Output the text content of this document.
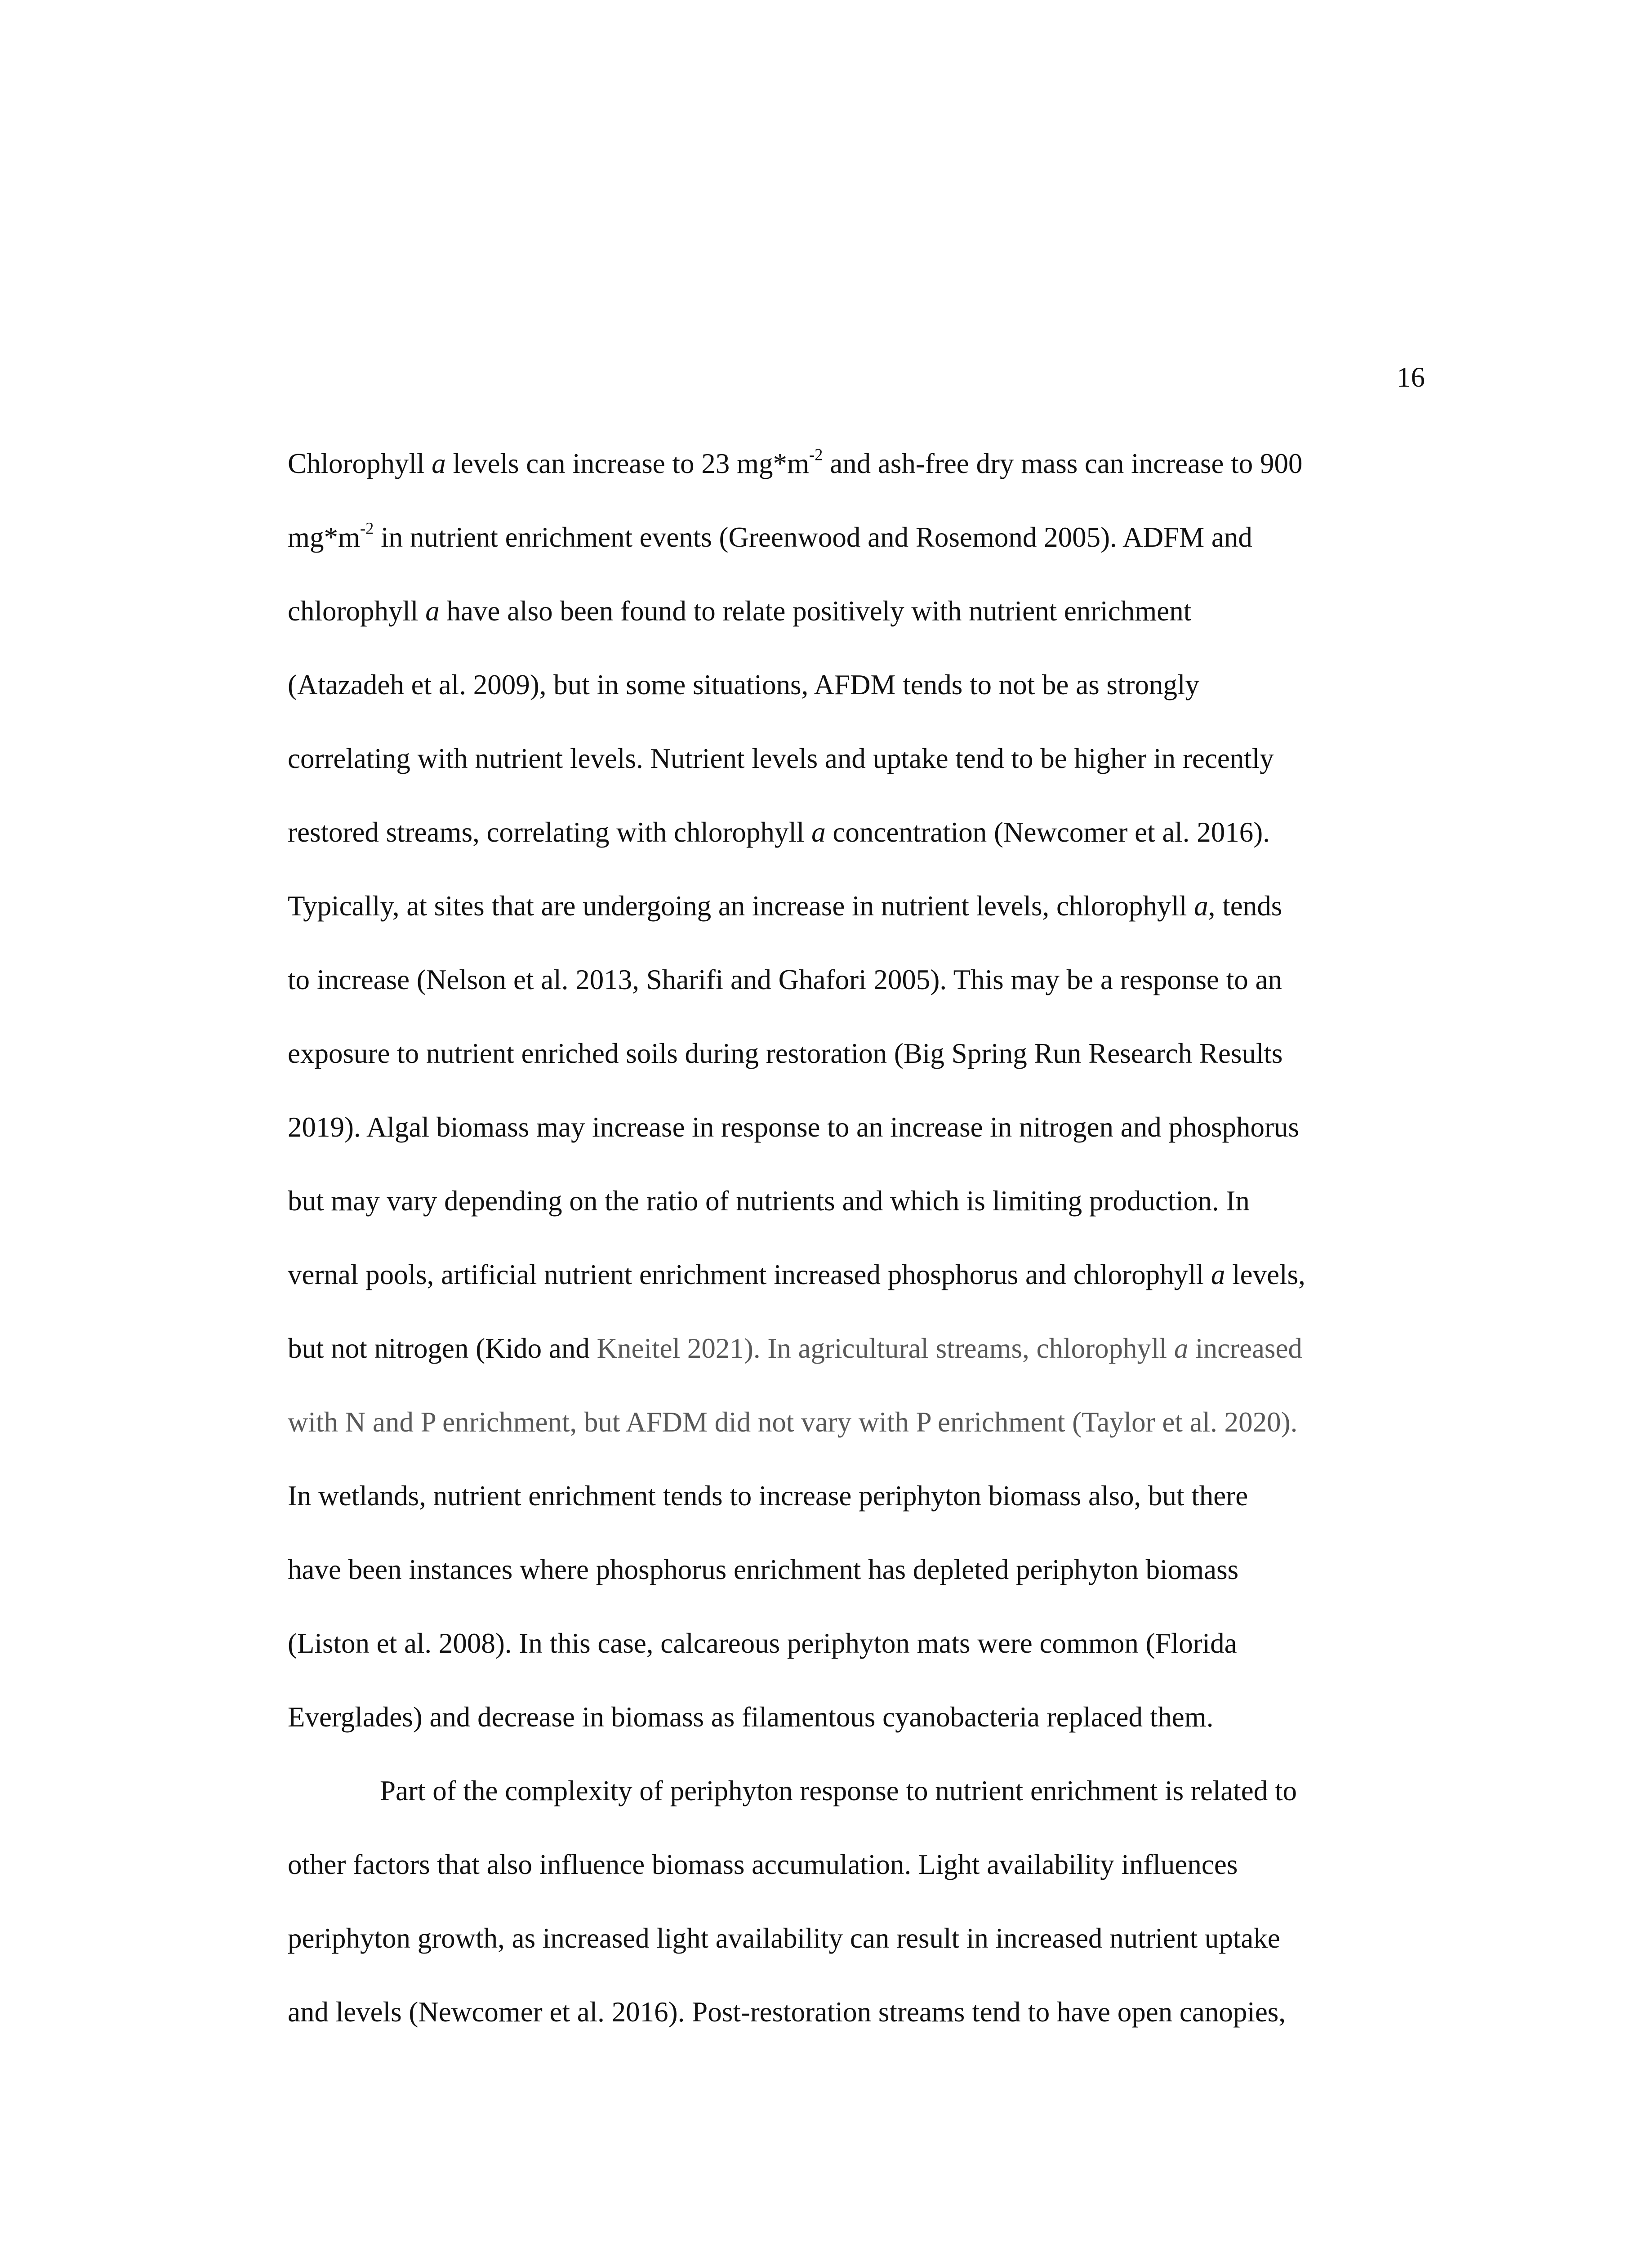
16
Chlorophyll a levels can increase to 23 $mg*m^{-2}$ and ash-free dry mass can increase to 900
$mg*m^{-2}$ in nutrient enrichment events (Greenwood and Rosemond 2005). ADFM and
chlorophyll a have also been found to relate positively with nutrient enrichment
(Atazadeh et al. 2009), but in some situations, AFDM tends to not be as strongly
correlating with nutrient levels. Nutrient levels and uptake tend to be higher in recently
restored streams, correlating with chlorophyll a concentration (Newcomer et al. 2016).
Typically, at sites that are undergoing an increase in nutrient levels, chlorophyll a, tends
to increase (Nelson et al. 2013, Sharifi and Ghafori 2005). This may be a response to an
exposure to nutrient enriched soils during restoration (Big Spring Run Research Results
2019). Algal biomass may increase in response to an increase in nitrogen and phosphorus
but may vary depending on the ratio of nutrients and which is limiting production. In
vernal pools, artificial nutrient enrichment increased phosphorus and chlorophyll a levels,
but not nitrogen (Kido and Kneitel 2021). In agricultural streams, chlorophyll a increased
with N and P enrichment, but AFDM did not vary with P enrichment (Taylor et al. 2020).
In wetlands, nutrient enrichment tends to increase periphyton biomass also, but there
have been instances where phosphorus enrichment has depleted periphyton biomass
(Liston et al. 2008). In this case, calcareous periphyton mats were common (Florida
Everglades) and decrease in biomass as filamentous cyanobacteria replaced them.
Part of the complexity of periphyton response to nutrient enrichment is related to
other factors that also influence biomass accumulation. Light availability influences
periphyton growth, as increased light availability can result in increased nutrient uptake
and levels (Newcomer et al. 2016). Post-restoration streams tend to have open canopies,
